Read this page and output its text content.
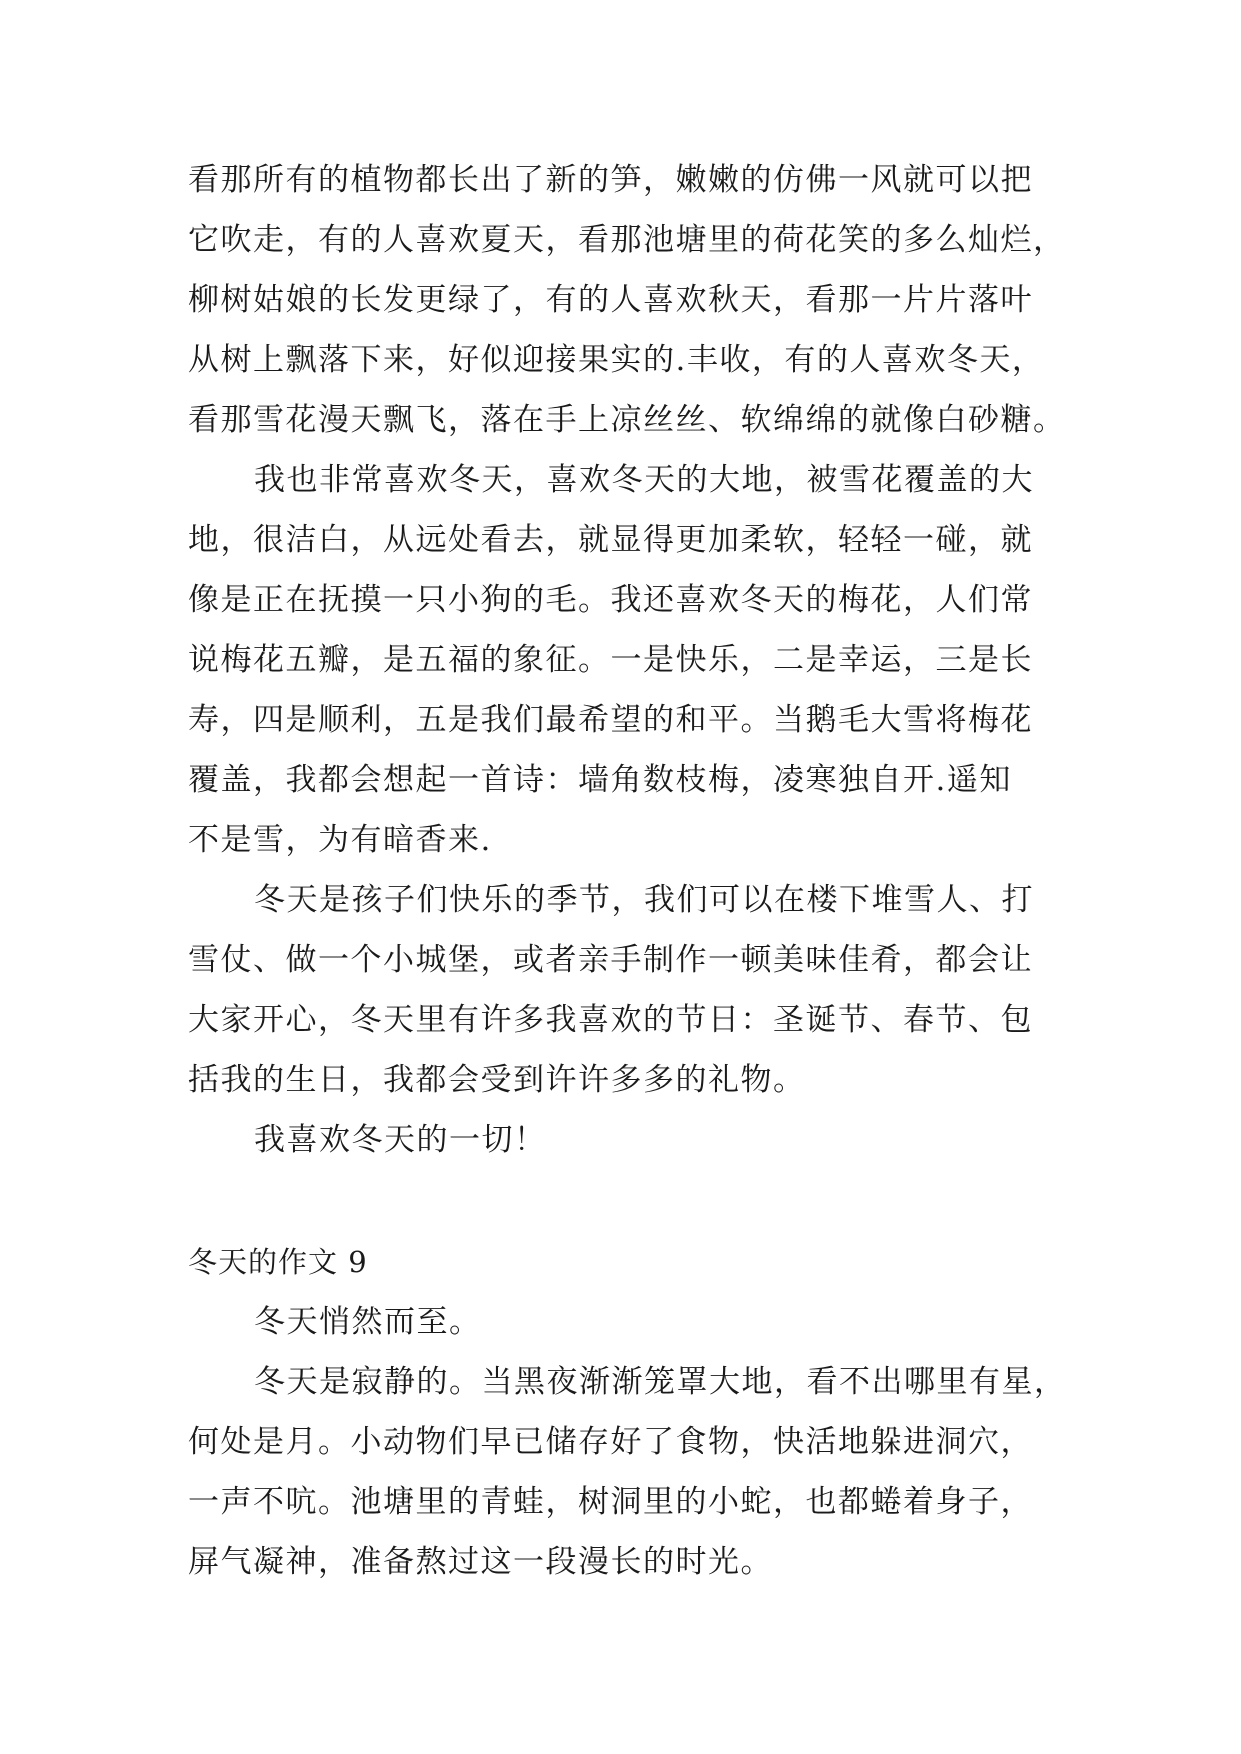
看那所有的植物都长出了新的笋，嫩嫩的仿佛一风就可以把
它吹走，有的人喜欢夏天，看那池塘里的荷花笑的多么灿烂，
柳树姑娘的长发更绿了，有的人喜欢秋天，看那一片片落叶
从树上飘落下来，好似迎接果实的.丰收，有的人喜欢冬天，
看那雪花漫天飘飞，落在手上凉丝丝、软绵绵的就像白砂糖。
我也非常喜欢冬天，喜欢冬天的大地，被雪花覆盖的大
地，很洁白，从远处看去，就显得更加柔软，轻轻一碰，就
像是正在抚摸一只小狗的毛。我还喜欢冬天的梅花，人们常
说梅花五瓣，是五福的象征。一是快乐，二是幸运，三是长
寿，四是顺利，五是我们最希望的和平。当鹅毛大雪将梅花
覆盖，我都会想起一首诗：墙角数枝梅，凌寒独自开.遥知
不是雪，为有暗香来.
冬天是孩子们快乐的季节，我们可以在楼下堆雪人、打
雪仗、做一个小城堡，或者亲手制作一顿美味佳肴，都会让
大家开心，冬天里有许多我喜欢的节日：圣诞节、春节、包
括我的生日，我都会受到许许多多的礼物。
我喜欢冬天的一切！
冬天的作文 9
冬天悄然而至。
冬天是寂静的。当黑夜渐渐笼罩大地，看不出哪里有星，
何处是月。小动物们早已储存好了食物，快活地躲进洞穴，
一声不吭。池塘里的青蛙，树洞里的小蛇，也都蜷着身子，
屏气凝神，准备熬过这一段漫长的时光。
